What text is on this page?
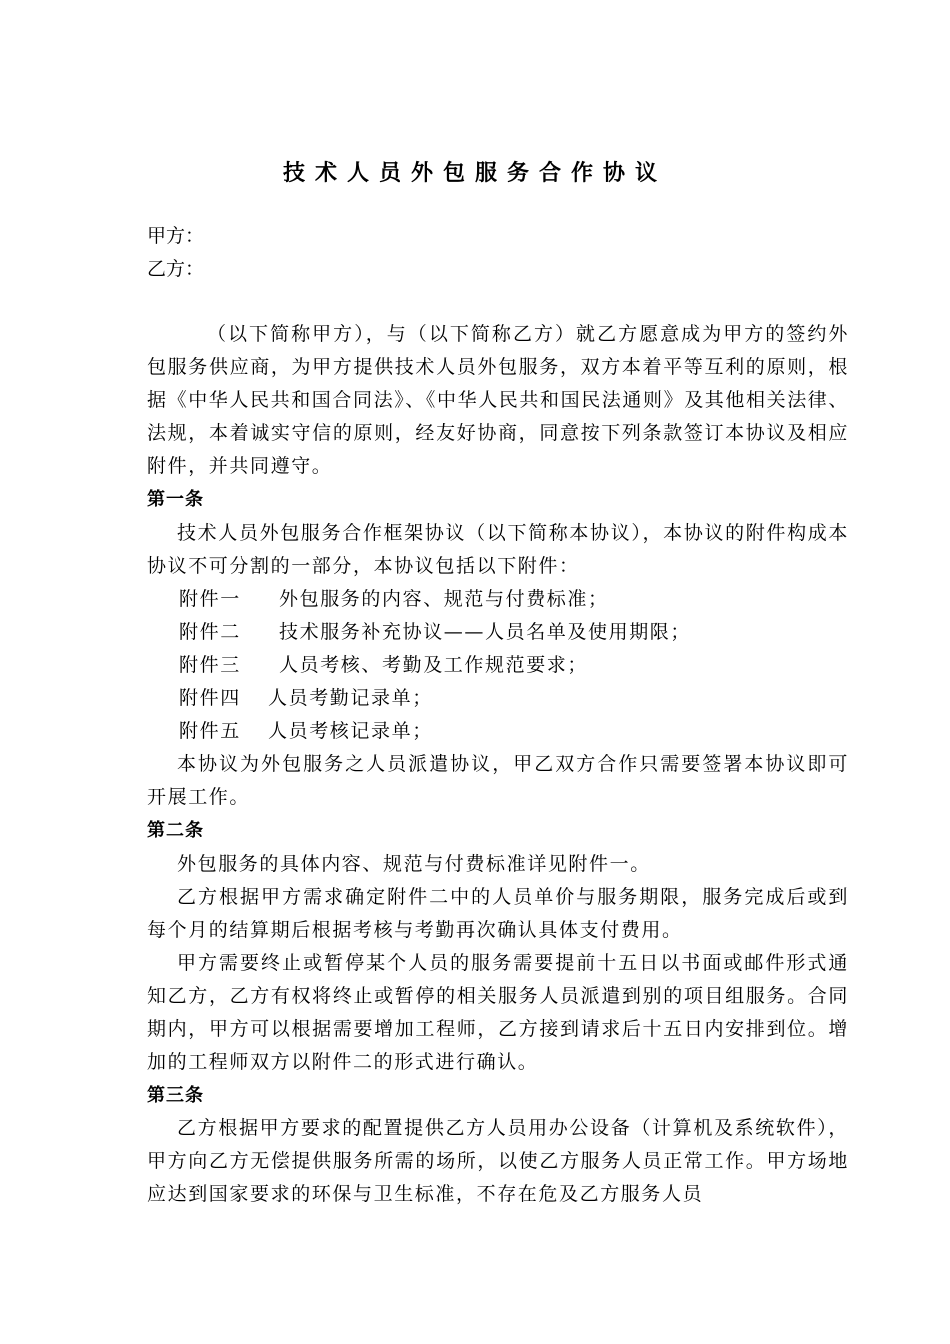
技术人员外包服务合作协议
甲方：
乙方：

（以下简称甲方），与（以下简称乙方）就乙方愿意成为甲方的签约外包服务供应商，为甲方提供技术人员外包服务，双方本着平等互利的原则，根据《中华人民共和国合同法》、《中华人民共和国民法通则》及其他相关法律、法规，本着诚实守信的原则，经友好协商，同意按下列条款签订本协议及相应附件，并共同遵守。

第一条

技术人员外包服务合作框架协议（以下简称本协议），本协议的附件构成本协议不可分割的一部分，本协议包括以下附件：

附件一	外包服务的内容、规范与付费标准；
附件二	技术服务补充协议——人员名单及使用期限；
附件三	人员考核、考勤及工作规范要求；
附件四	人员考勤记录单；
附件五	人员考核记录单；

本协议为外包服务之人员派遣协议，甲乙双方合作只需要签署本协议即可开展工作。

第二条

外包服务的具体内容、规范与付费标准详见附件一。

乙方根据甲方需求确定附件二中的人员单价与服务期限，服务完成后或到每个月的结算期后根据考核与考勤再次确认具体支付费用。

甲方需要终止或暂停某个人员的服务需要提前十五日以书面或邮件形式通知乙方，乙方有权将终止或暂停的相关服务人员派遣到别的项目组服务。合同期内，甲方可以根据需要增加工程师，乙方接到请求后十五日内安排到位。增加的工程师双方以附件二的形式进行确认。

第三条

乙方根据甲方要求的配置提供乙方人员用办公设备（计算机及系统软件），甲方向乙方无偿提供服务所需的场所，以使乙方服务人员正常工作。甲方场地应达到国家要求的环保与卫生标准，不存在危及乙方服务人员
